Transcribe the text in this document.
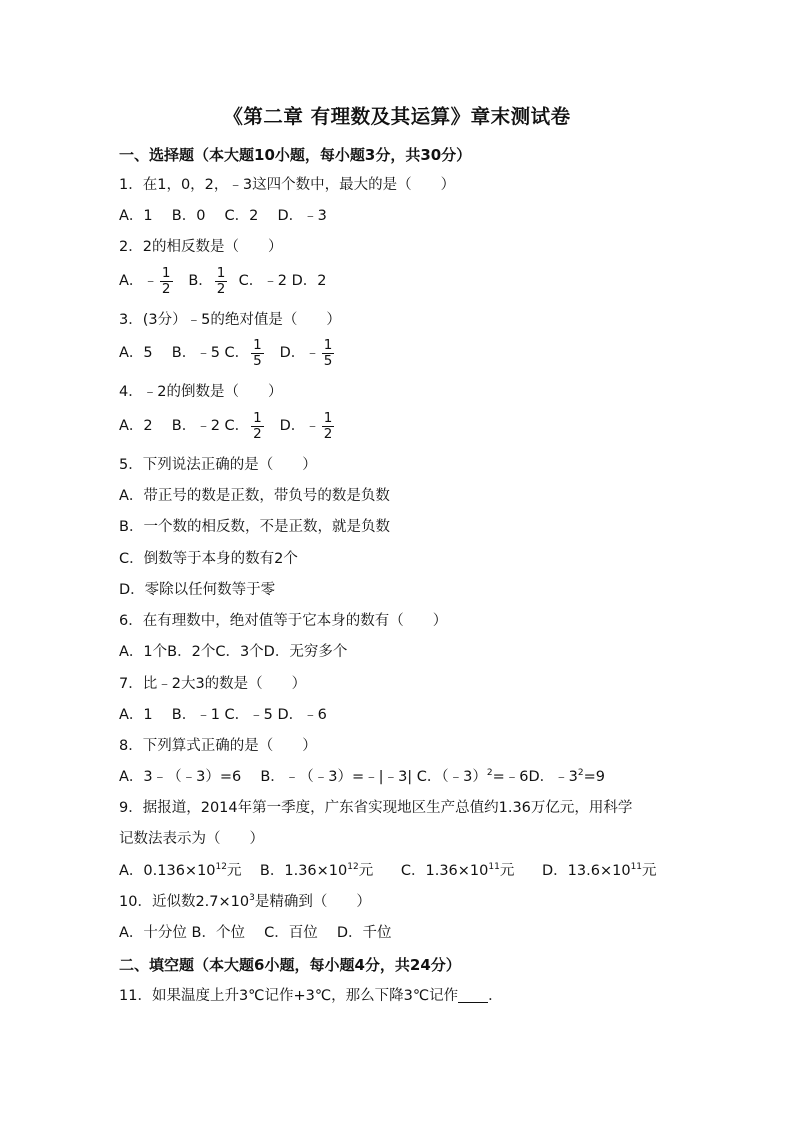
《第二章 有理数及其运算》章末测试卷
一、选择题（本大题10小题，每小题3分，共30分）
1．在1，0，2，﹣3这四个数中，最大的是（　　）
A．1　 B．0　 C．2　 D．﹣3
2．2的相反数是（　　）
A．﹣ $\frac{1}{2}$ B． $\frac{1}{2}$ C．﹣2 D．2
3．(3分）﹣5的绝对值是（　　）
A．5　 B．﹣5 C． $\frac{1}{5}$ D．﹣ $\frac{1}{5}$
4．﹣2的倒数是（　　）
A．2　 B．﹣2 C． $\frac{1}{2}$ D．﹣ $\frac{1}{2}$
5．下列说法正确的是（　　）
A．带正号的数是正数，带负号的数是负数
B．一个数的相反数，不是正数，就是负数
C．倒数等于本身的数有2个
D．零除以任何数等于零
6．在有理数中，绝对值等于它本身的数有（　　）
A．1个B．2个C．3个D．无穷多个
7．比﹣2大3的数是（　　）
A．1　 B．﹣1 C．﹣5 D．﹣6
8．下列算式正确的是（　　）
A．3﹣（﹣3）=6　 B．﹣（﹣3）=﹣|﹣3| C．（﹣3）$^2$=﹣6D．$﹣3^2=9$
9．据报道，2014年第一季度，广东省实现地区生产总值约1.36万亿元，用科学
记数法表示为（　　）
A．$0.136\times 10^{12}$元 B．$1.36\times 10^{12}$元 C．$1.36\times 10^{11}$元 D．$13.6\times 10^{11}$元
10．近似数$2.7\times 10^3$是精确到（　　）
A．十分位 B．个位　 C．百位　 D．千位
二、填空题（本大题6小题，每小题4分，共24分）
11．如果温度上升3℃记作+3℃，那么下降3℃记作 ．
